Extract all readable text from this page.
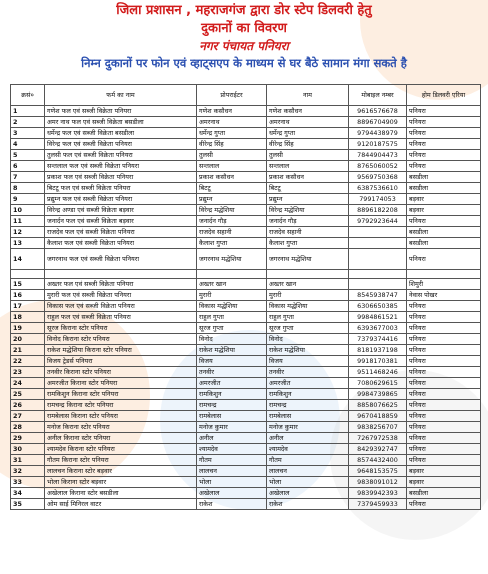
जिला प्रशासन , महराजगंज द्वारा डोर स्टेप डिलवरी हेतु
दुकानों का विवरण
नगर पंचायत पनियरा
निम्न दुकानों पर फोन एवं व्हाट्सएप के माध्यम से घर बैठे सामान मंगा सकते है
क्रसं०	फर्म का नाम	प्रोपराईटर	नाम	मोबाइल नम्बर	होम डिलवरी एरिया
1	गणेश फल एवं सब्जी विक्रेता पनियरा	गणेश कसौधन	गणेश कसौधन	9616576678	पनियरा
2	अमर नाथ फल एवं सब्जी विक्रेता बसडीला	अमरनाथ	अमरनाथ	8896704909	पनियरा
3	धर्मेन्द्र फल एवं सब्जी विक्रेता बसडीला	धर्मेन्द्र गुप्ता	धर्मेन्द्र गुप्ता	9794438979	पनियरा
4	विरेन्द्र फल एवं सब्जी विक्रेता पनियरा	वीरेन्द्र सिंह	वीरेन्द्र सिंह	9120187575	पनियरा
5	तुलसी फल एवं सब्जी विक्रेता पनियरा	तुलसी	तुलसी	7844904473	पनियरा
6	सन्तलाल फल एवं सब्जी विक्रेता पनियरा	सन्तलाल	सन्तलाल	8765060052	पनियरा
7	प्रकाश फल एवं सब्जी विक्रेता पनियरा	प्रकाश कसौधन	प्रकाश कसौधन	9569750368	बसडीला
8	बिटटू फल एवं सब्जी विक्रेता पनियरा	बिटटू	बिटटू	6387536610	बसडीला
9	प्रद्युम्न फल एवं सब्जी विक्रेता पनियरा	प्रद्युम्न	प्रद्युम्न	799174053	बड़वार
10	विरेन्द्र अण्डा एवं सब्जी विक्रेता बड़वार	विरेन्द्र मद्धेशिया	विरेन्द्र मद्धेशिया	8896182208	बड़वार
11	जनार्दन फल एवं सब्जी विक्रेता बड़वार	जनार्दन गौड़	जनार्दन गौड़	9792923644	पनियरा
12	राजदेव फल एवं सब्जी विक्रेता पनियरा	राजदेव सहानी	राजदेव सहानी		बसडीला
13	कैलाश फल एवं सब्जी विक्रेता पनियरा	कैलाश गुप्ता	कैलाश गुप्ता		बसडीला
14	जगरनाथ फल एवं सब्जी विक्रेता पनियरा	जगरनाथ मद्धेशिया	जगरनाथ मद्धेशिया		पनियरा

15	अख्तर फल एवं सब्जी विक्रेता पनियरा	अख्तर खान	अख्तर खान		शिमुरी
16	मुरारी फल एवं सब्जी विक्रेता पनियरा	मुरारी	मुरारी	8545938747	नेवास पोखर
17	विकास फल एवं सब्जी विक्रेता पनियरा	विकास मद्धेशिया	विकास मद्धेशिया	6306650385	पनियरा
18	राहुल फल एवं सब्जी विक्रेता पनियरा	राहुल गुप्ता	राहुल गुप्ता	9984861521	पनियरा
19	सूरज किराना स्टोर पनियरा	सूरज गुप्ता	सूरज गुप्ता	6393677003	पनियरा
20	विनोद किराना स्टोर पनियरा	विनोद	विनोद	7379374416	पनियरा
21	राकेश मद्धेशिया किराना स्टोर पनियरा	राकेश मद्धेशिया	राकेश मद्धेशिया	8181937198	पनियरा
22	विजय ट्रेडर्स पनियरा	विजय	विजय	9918170381	पनियरा
23	तनवीर किराना स्टोर पनियरा	तनवीर	तनवीर	9511468246	पनियरा
24	अमरजीत किराना स्टोर पनियरा	अमरजीत	अमरजीत	7080629615	पनियरा
25	रामकिशुन किराना स्टोर पनियरा	रामकिशुन	रामकिशुन	9984739865	पनियरा
26	रामचन्द्र किराना स्टोर पनियरा	रामचन्द्र	रामचन्द्र	8858076625	पनियरा
27	रामबेलास किराना स्टोर पनियरा	रामबेलास	रामबेलास	9670418859	पनियरा
28	मनोज किराना स्टोर पनियरा	मनोज कुमार	मनोज कुमार	9838256707	पनियरा
29	अनील किराना स्टोर पनियरा	अनील	अनील	7267972538	पनियरा
30	श्यामदेव किराना स्टोर पनियरा	श्यामदेव	श्यामदेव	8429392747	पनियरा
31	गौतम किराना स्टोर पनियरा	गौतम	गौतम	8574432400	पनियरा
32	लालचन किराना स्टोर बड़वार	लालचन	लालचन	9648153575	बड़वार
33	भोला किराना स्टोर बड़वार	भोला	भोला	9838091012	बड़वार
34	अखेलाल किराना स्टोर बसडीला	अखेलाल	अखेलाल	9839942393	बसडीला
35	ओम साई मिनिरल वाटर	राकेश	राकेश	7379459933	पनियरा
